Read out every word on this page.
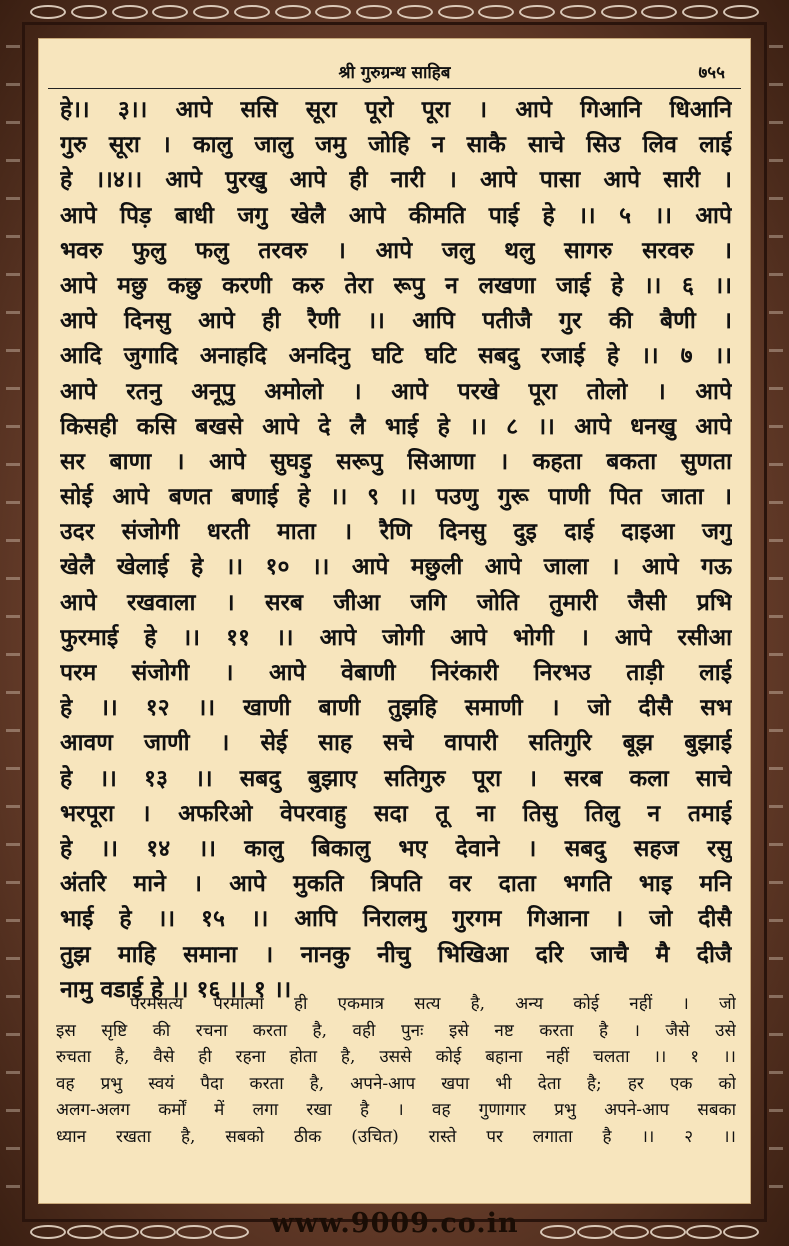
श्री गुरुग्रन्थ साहिब	७५५
हे।। ३।। आपे ससि सूरा पूरो पूरा । आपे गिआनि धिआनि
गुरु सूरा । कालु जालु जमु जोहि न साकै साचे सिउ लिव लाई
हे ।।४।। आपे पुरखु आपे ही नारी । आपे पासा आपे सारी ।
आपे पिड़ बाधी जगु खेलै आपे कीमति पाई हे ।। ५ ।। आपे
भवरु फुलु फलु तरवरु । आपे जलु थलु सागरु सरवरु ।
आपे मछु कछु करणी करु तेरा रूपु न लखणा जाई हे ।। ६ ।।
आपे दिनसु आपे ही रैणी ।। आपि पतीजै गुर की बैणी ।
आदि जुगादि अनाहदि अनदिनु घटि घटि सबदु रजाई हे ।। ७ ।।
आपे रतनु अनूपु अमोलो । आपे परखे पूरा तोलो । आपे
किसही कसि बखसे आपे दे लै भाई हे ।। ८ ।। आपे धनखु आपे
सर बाणा । आपे सुघड़ु सरूपु सिआणा । कहता बकता सुणता
सोई आपे बणत बणाई हे ।। ९ ।। पउणु गुरू पाणी पित जाता ।
उदर संजोगी धरती माता । रैणि दिनसु दुइ दाई दाइआ जगु
खेलै खेलाई हे ।। १० ।। आपे मछुली आपे जाला । आपे गऊ
आपे रखवाला । सरब जीआ जगि जोति तुमारी जैसी प्रभि
फुरमाई हे ।। ११ ।। आपे जोगी आपे भोगी । आपे रसीआ
परम संजोगी । आपे वेबाणी निरंकारी निरभउ ताड़ी लाई
हे ।। १२ ।। खाणी बाणी तुझहि समाणी । जो दीसै सभ
आवण जाणी । सेई साह सचे वापारी सतिगुरि बूझ बुझाई
हे ।। १३ ।। सबदु बुझाए सतिगुरु पूरा । सरब कला साचे
भरपूरा । अफरिओ वेपरवाहु सदा तू ना तिसु तिलु न तमाई
हे ।। १४ ।। कालु बिकालु भए देवाने । सबदु सहज रसु
अंतरि माने । आपे मुकति त्रिपति वर दाता भगति भाइ मनि
भाई हे ।। १५ ।। आपि निरालमु गुरगम गिआना । जो दीसै
तुझ माहि समाना । नानकु नीचु भिखिआ दरि जाचै मै दीजै
नामु वडाई हे ।। १६ ।। १ ।।
परमसत्य परमात्मा ही एकमात्र सत्य है, अन्य कोई नहीं । जो
इस सृष्टि की रचना करता है, वही पुनः इसे नष्ट करता है । जैसे उसे
रुचता है, वैसे ही रहना होता है, उससे कोई बहाना नहीं चलता ।। १ ।।
वह प्रभु स्वयं पैदा करता है, अपने-आप खपा भी देता है; हर एक को
अलग-अलग कर्मों में लगा रखा है । वह गुणागार प्रभु अपने-आप सबका
ध्यान रखता है, सबको ठीक (उचित) रास्ते पर लगाता है ।। २ ।।
www.9009.co.in
